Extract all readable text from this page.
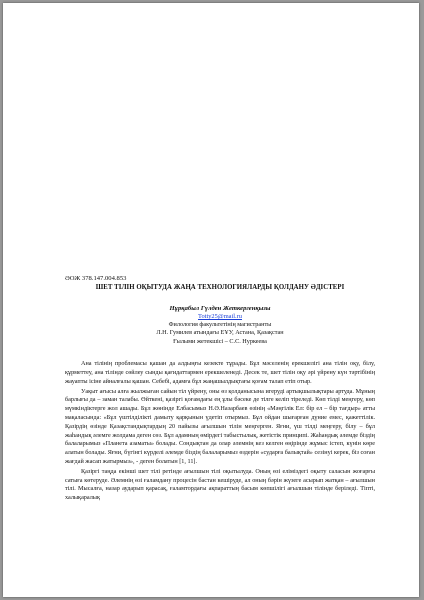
ӘОЖ 378.147.004.853

ШЕТ ТІЛІН ОҚЫТУДА ЖАҢА ТЕХНОЛОГИЯЛАРДЫ ҚОЛДАНУ ӘДІСТЕРІ

Нұрқабыл Гүлден Жеткергенқызы

Totty25@mail.ru

Филология факультетінің магистранты

Л.Н. Гумилев атындағы ЕҰУ, Астана, Қазақстан

Ғылыми жетекшісі – С.С. Нуркеева

Ана тілінің проблемасы қашан да алдыңғы кезекте тұрады. Бұл мәселенің ерекшелігі ана тілін оқу, білу, құрметтеу, ана тілінде сөйлеу сынды қағидаттармен ерекшеленеді. Десек те, шет тілін оқу әрі үйрену күн тәртібінің жауапты ісіне айналғалы қашан. Себебі, адамға бұл жаңашылдықтағы қоғам талап етіп отыр.

Уақыт ағысы алға жылжыған сайын тіл үйрену, оны өз қолданысына игеруді артықшылықтары артуда. Мұның барлығы да – заман талабы. Өйткені, қазіргі қоғамдағы ең ұлы бәсеке де тілге келіп тіреледі. Көп тілді меңгеру, көп мүмкіндіктерге жол ашады. Бұл жөнінде Елбасымыз Н.Ә.Назарбаев өзінің «Мәңгілік Ел: бір ел – бір тағдыр» атты мақаласында: «Бұл үштілділікті дамыту қарқынын үдетіп отырмыз. Бұл ойдан шығарған дүние емес, қажеттілік. Қазірдің өзінде Қазақстандықтардың 20 пайызы ағылшын тілін меңгерген. Яғни, үш тілді меңгеру, білу – бұл жаһандық әлемге жолдама деген сөз. Бұл адамның өмірдегі табыстылық, жетістік принципі. Жаһандық әлемде біздің балаларымыз «Планета азаматы» болады. Сондықтан да олар әлемнің кез келген өңірінде жұмыс істеп, күнін көре алатын болады. Яғни, бүгінгі күрделі әлемде біздің балаларымыз өздерін «сударға балықтай» сезінуі керек, біз соған жағдай жасап жатырмыз», - деген болатын [1, 11].

Қазіргі таңда екінші шет тілі ретінде ағылшын тілі оқытылуда. Оның өзі еліміздегі оқыту саласын жоғарғы сатыға көтеруде. Әлемнің өзі ғаламдану процесін бастан кешіруде, ал оның бәрін жүзеге асырып жатқан – ағылшын тілі. Мысалға, назар аударып қарасақ, ғаламтордағы ақпараттың басым көпшілігі ағылшын тілінде беріледі. Тіпті, халықаралық
